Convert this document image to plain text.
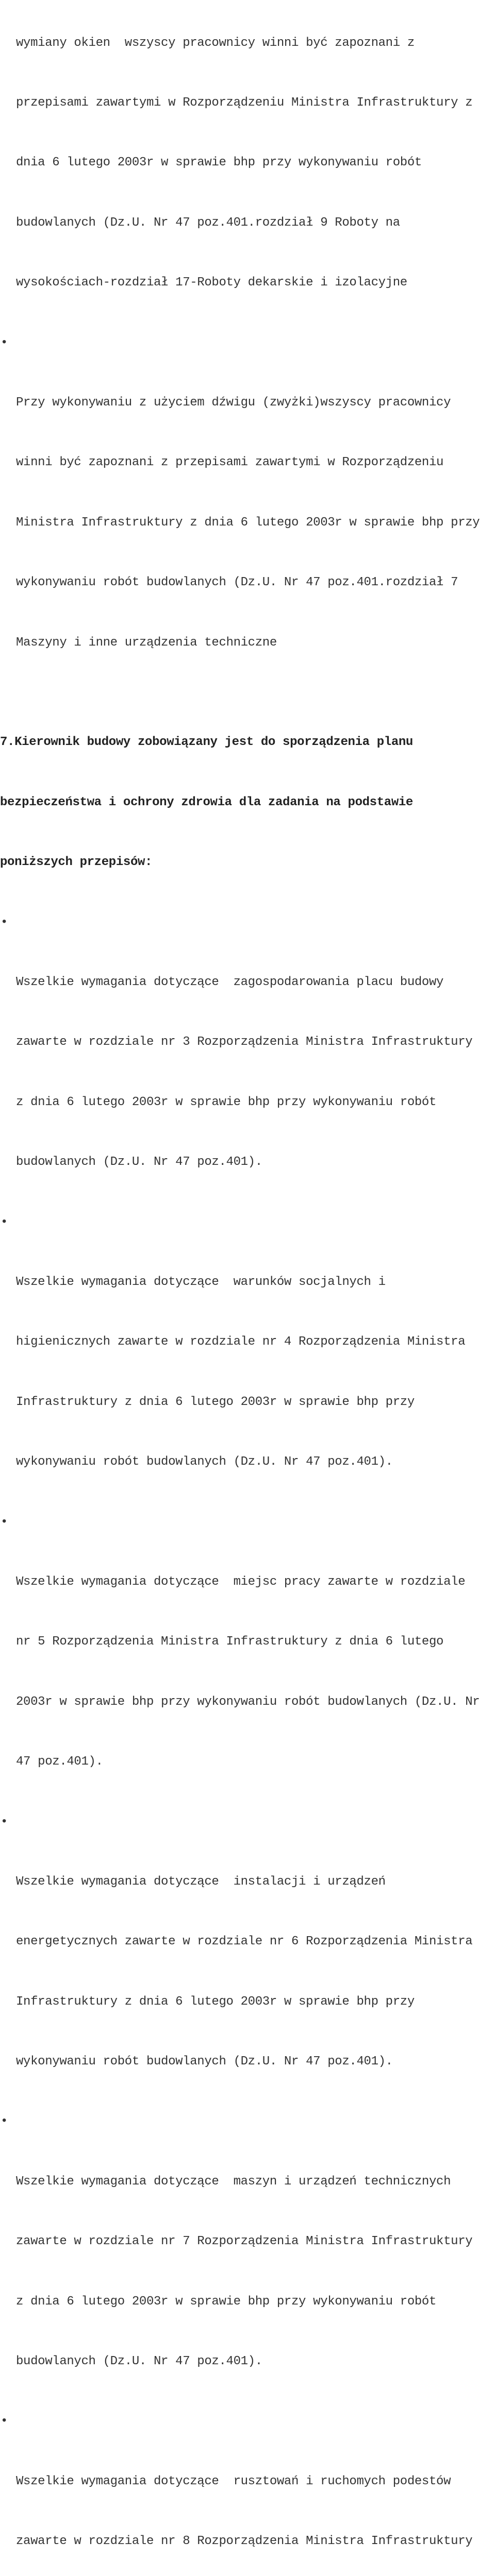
wymiany okien  wszyscy pracownicy winni być zapoznani z

przepisami zawartymi w Rozporządzeniu Ministra Infrastruktury z

dnia 6 lutego 2003r w sprawie bhp przy wykonywaniu robót

budowlanych (Dz.U. Nr 47 poz.401.rozdział 9 Roboty na

wysokościach-rozdział 17-Roboty dekarskie i izolacyjne

•

Przy wykonywaniu z użyciem dźwigu (zwyżki)wszyscy pracownicy

winni być zapoznani z przepisami zawartymi w Rozporządzeniu

Ministra Infrastruktury z dnia 6 lutego 2003r w sprawie bhp przy

wykonywaniu robót budowlanych (Dz.U. Nr 47 poz.401.rozdział 7

Maszyny i inne urządzenia techniczne

7.Kierownik budowy zobowiązany jest do sporządzenia planu

bezpieczeństwa i ochrony zdrowia dla zadania na podstawie

poniższych przepisów:

•

Wszelkie wymagania dotyczące  zagospodarowania placu budowy

zawarte w rozdziale nr 3 Rozporządzenia Ministra Infrastruktury

z dnia 6 lutego 2003r w sprawie bhp przy wykonywaniu robót

budowlanych (Dz.U. Nr 47 poz.401).

•

Wszelkie wymagania dotyczące  warunków socjalnych i

higienicznych zawarte w rozdziale nr 4 Rozporządzenia Ministra

Infrastruktury z dnia 6 lutego 2003r w sprawie bhp przy

wykonywaniu robót budowlanych (Dz.U. Nr 47 poz.401).

•

Wszelkie wymagania dotyczące  miejsc pracy zawarte w rozdziale

nr 5 Rozporządzenia Ministra Infrastruktury z dnia 6 lutego

2003r w sprawie bhp przy wykonywaniu robót budowlanych (Dz.U. Nr

47 poz.401).

•

Wszelkie wymagania dotyczące  instalacji i urządzeń

energetycznych zawarte w rozdziale nr 6 Rozporządzenia Ministra

Infrastruktury z dnia 6 lutego 2003r w sprawie bhp przy

wykonywaniu robót budowlanych (Dz.U. Nr 47 poz.401).

•

Wszelkie wymagania dotyczące  maszyn i urządzeń technicznych

zawarte w rozdziale nr 7 Rozporządzenia Ministra Infrastruktury

z dnia 6 lutego 2003r w sprawie bhp przy wykonywaniu robót

budowlanych (Dz.U. Nr 47 poz.401).

•

Wszelkie wymagania dotyczące  rusztowań i ruchomych podestów

zawarte w rozdziale nr 8 Rozporządzenia Ministra Infrastruktury
